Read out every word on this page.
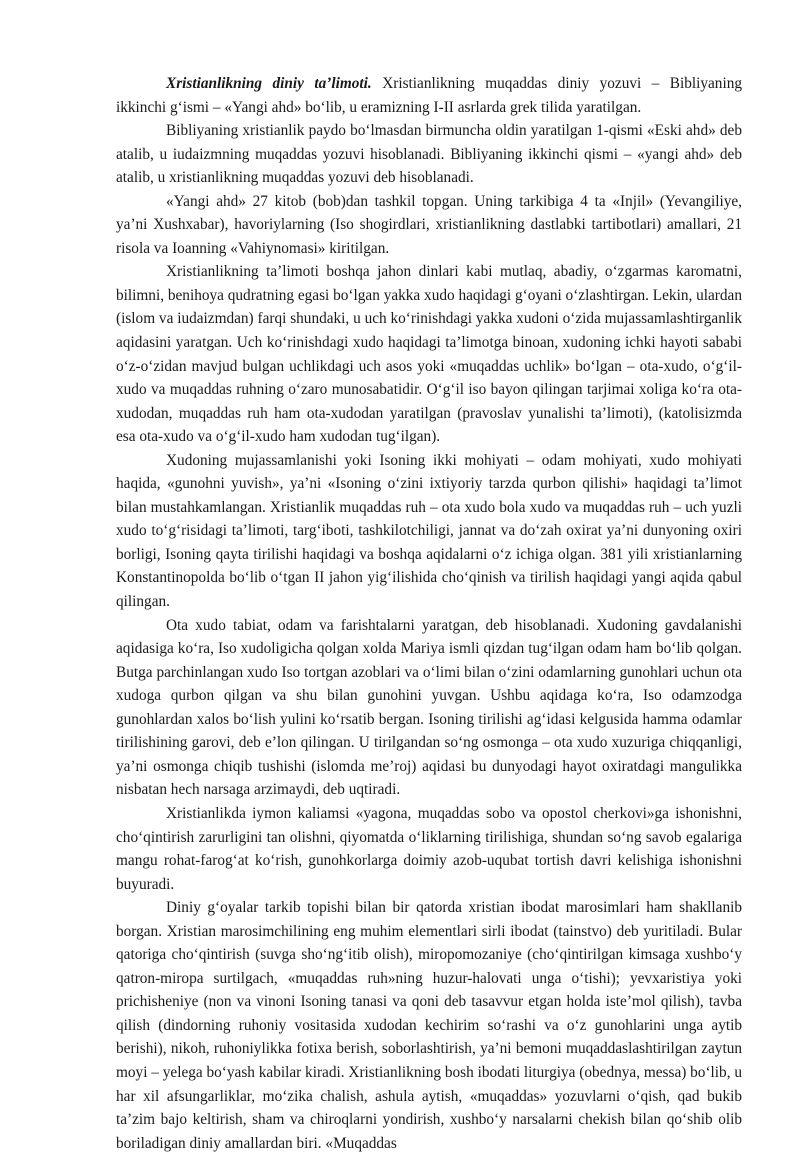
Xristianlikning diniy ta’limoti. Xristianlikning muqaddas diniy yozuvi – Bibliyaning ikkinchi g‘ismi – «Yangi ahd» bo‘lib, u eramizning I-II asrlarda grek tilida yaratilgan.

Bibliyaning xristianlik paydo bo‘lmasdan birmuncha oldin yaratilgan 1-qismi «Eski ahd» deb atalib, u iudaizmning muqaddas yozuvi hisoblanadi. Bibliyaning ikkinchi qismi – «yangi ahd» deb atalib, u xristianlikning muqaddas yozuvi deb hisoblanadi.

«Yangi ahd» 27 kitob (bob)dan tashkil topgan. Uning tarkibiga 4 ta «Injil» (Yevangiliye, ya’ni Xushxabar), havoriylarning (Iso shogirdlari, xristianlikning dastlabki tartibotlari) amallari, 21 risola va Ioanning «Vahiynomasi» kiritilgan.

Xristianlikning ta’limoti boshqa jahon dinlari kabi mutlaq, abadiy, o‘zgarmas karomatni, bilimni, benihoya qudratning egasi bo‘lgan yakka xudo haqidagi g‘oyani o‘zlashtirgan. Lekin, ulardan (islom va iudaizmdan) farqi shundaki, u uch ko‘rinishdagi yakka xudoni o‘zida mujassamlashtirganlik aqidasini yaratgan. Uch ko‘rinishdagi xudo haqidagi ta’limotga binoan, xudoning ichki hayoti sababi o‘z-o‘zidan mavjud bulgan uchlikdagi uch asos yoki «muqaddas uchlik» bo‘lgan – ota-xudo, o‘g‘il-xudo va muqaddas ruhning o‘zaro munosabatidir. O‘g‘il iso bayon qilingan tarjimai xoliga ko‘ra ota-xudodan, muqaddas ruh ham ota-xudodan yaratilgan (pravoslav yunalishi ta’limoti), (katolisizmda esa ota-xudo va o‘g‘il-xudo ham xudodan tug‘ilgan).

Xudoning mujassamlanishi yoki Isoning ikki mohiyati – odam mohiyati, xudo mohiyati haqida, «gunohni yuvish», ya’ni «Isoning o‘zini ixtiyoriy tarzda qurbon qilishi» haqidagi ta’limot bilan mustahkamlangan. Xristianlik muqaddas ruh – ota xudo bola xudo va muqaddas ruh – uch yuzli xudo to‘g‘risidagi ta’limoti, targ‘iboti, tashkilotchiligi, jannat va do‘zah oxirat ya’ni dunyoning oxiri borligi, Isoning qayta tirilishi haqidagi va boshqa aqidalarni o‘z ichiga olgan. 381 yili xristianlarning Konstantinopolda bo‘lib o‘tgan II jahon yig‘ilishida cho‘qinish va tirilish haqidagi yangi aqida qabul qilingan.

Ota xudo tabiat, odam va farishtalarni yaratgan, deb hisoblanadi. Xudoning gavdalanishi aqidasiga ko‘ra, Iso xudoligicha qolgan xolda Mariya ismli qizdan tug‘ilgan odam ham bo‘lib qolgan. Butga parchinlangan xudo Iso tortgan azoblari va o‘limi bilan o‘zini odamlarning gunohlari uchun ota xudoga qurbon qilgan va shu bilan gunohini yuvgan. Ushbu aqidaga ko‘ra, Iso odamzodga gunohlardan xalos bo‘lish yulini ko‘rsatib bergan. Isoning tirilishi ag‘idasi kelgusida hamma odamlar tirilishining garovi, deb e’lon qilingan. U tirilgandan so‘ng osmonga – ota xudo xuzuriga chiqqanligi, ya’ni osmonga chiqib tushishi (islomda me’roj) aqidasi bu dunyodagi hayot oxiratdagi mangulikka nisbatan hech narsaga arzimaydi, deb uqtiradi.

Xristianlikda iymon kaliamsi «yagona, muqaddas sobo va opostol cherkovi»ga ishonishni, cho‘qintirish zarurligini tan olishni, qiyomatda o‘liklarning tirilishiga, shundan so‘ng savob egalariga mangu rohat-farog‘at ko‘rish, gunohkorlarga doimiy azob-uqubat tortish davri kelishiga ishonishni buyuradi.

Diniy g‘oyalar tarkib topishi bilan bir qatorda xristian ibodat marosimlari ham shakllanib borgan. Xristian marosimchilining eng muhim elementlari sirli ibodat (tainstvo) deb yuritiladi. Bular qatoriga cho‘qintirish (suvga sho‘ng‘itib olish), miropomozaniye (cho‘qintirilgan kimsaga xushbo‘y qatron-miropa surtilgach, «muqaddas ruh»ning huzur-halovati unga o‘tishi); yevxaristiya yoki prichisheniye (non va vinoni Isoning tanasi va qoni deb tasavvur etgan holda iste’mol qilish), tavba qilish (dindorning ruhoniy vositasida xudodan kechirim so‘rashi va o‘z gunohlarini unga aytib berishi), nikoh, ruhoniylikka fotixa berish, soborlashtirish, ya’ni bemoni muqaddaslashtirilgan zaytun moyi – yelega bo‘yash kabilar kiradi. Xristianlikning bosh ibodati liturgiya (obednya, messa) bo‘lib, u har xil afsungarliklar, mo‘zika chalish, ashula aytish, «muqaddas» yozuvlarni o‘qish, qad bukib ta’zim bajo keltirish, sham va chiroqlarni yondirish, xushbo‘y narsalarni chekish bilan qo‘shib olib boriladigan diniy amallardan biri. «Muqaddas
